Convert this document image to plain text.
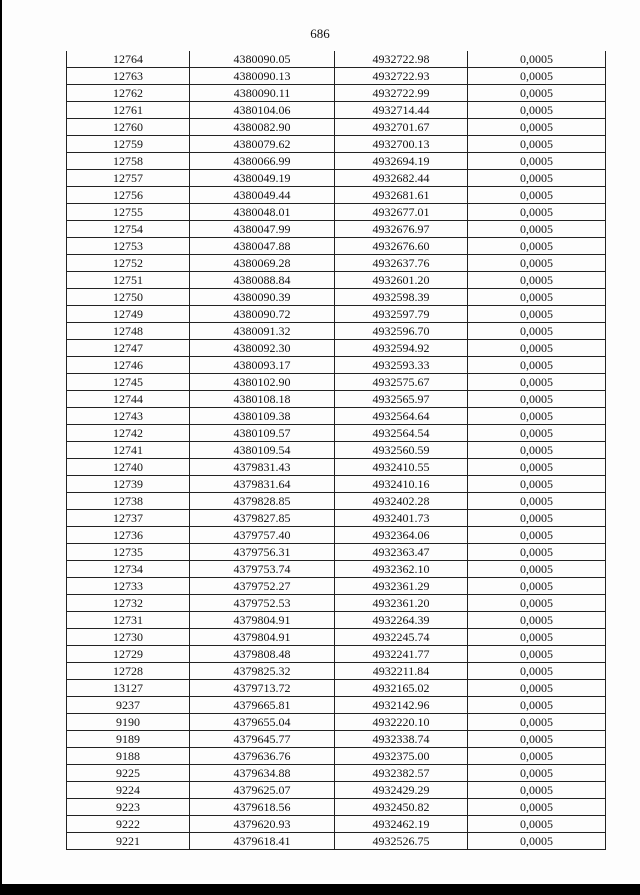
686
12764	4380090.05	4932722.98	0,0005
12763	4380090.13	4932722.93	0,0005
12762	4380090.11	4932722.99	0,0005
12761	4380104.06	4932714.44	0,0005
12760	4380082.90	4932701.67	0,0005
12759	4380079.62	4932700.13	0,0005
12758	4380066.99	4932694.19	0,0005
12757	4380049.19	4932682.44	0,0005
12756	4380049.44	4932681.61	0,0005
12755	4380048.01	4932677.01	0,0005
12754	4380047.99	4932676.97	0,0005
12753	4380047.88	4932676.60	0,0005
12752	4380069.28	4932637.76	0,0005
12751	4380088.84	4932601.20	0,0005
12750	4380090.39	4932598.39	0,0005
12749	4380090.72	4932597.79	0,0005
12748	4380091.32	4932596.70	0,0005
12747	4380092.30	4932594.92	0,0005
12746	4380093.17	4932593.33	0,0005
12745	4380102.90	4932575.67	0,0005
12744	4380108.18	4932565.97	0,0005
12743	4380109.38	4932564.64	0,0005
12742	4380109.57	4932564.54	0,0005
12741	4380109.54	4932560.59	0,0005
12740	4379831.43	4932410.55	0,0005
12739	4379831.64	4932410.16	0,0005
12738	4379828.85	4932402.28	0,0005
12737	4379827.85	4932401.73	0,0005
12736	4379757.40	4932364.06	0,0005
12735	4379756.31	4932363.47	0,0005
12734	4379753.74	4932362.10	0,0005
12733	4379752.27	4932361.29	0,0005
12732	4379752.53	4932361.20	0,0005
12731	4379804.91	4932264.39	0,0005
12730	4379804.91	4932245.74	0,0005
12729	4379808.48	4932241.77	0,0005
12728	4379825.32	4932211.84	0,0005
13127	4379713.72	4932165.02	0,0005
9237	4379665.81	4932142.96	0,0005
9190	4379655.04	4932220.10	0,0005
9189	4379645.77	4932338.74	0,0005
9188	4379636.76	4932375.00	0,0005
9225	4379634.88	4932382.57	0,0005
9224	4379625.07	4932429.29	0,0005
9223	4379618.56	4932450.82	0,0005
9222	4379620.93	4932462.19	0,0005
9221	4379618.41	4932526.75	0,0005
